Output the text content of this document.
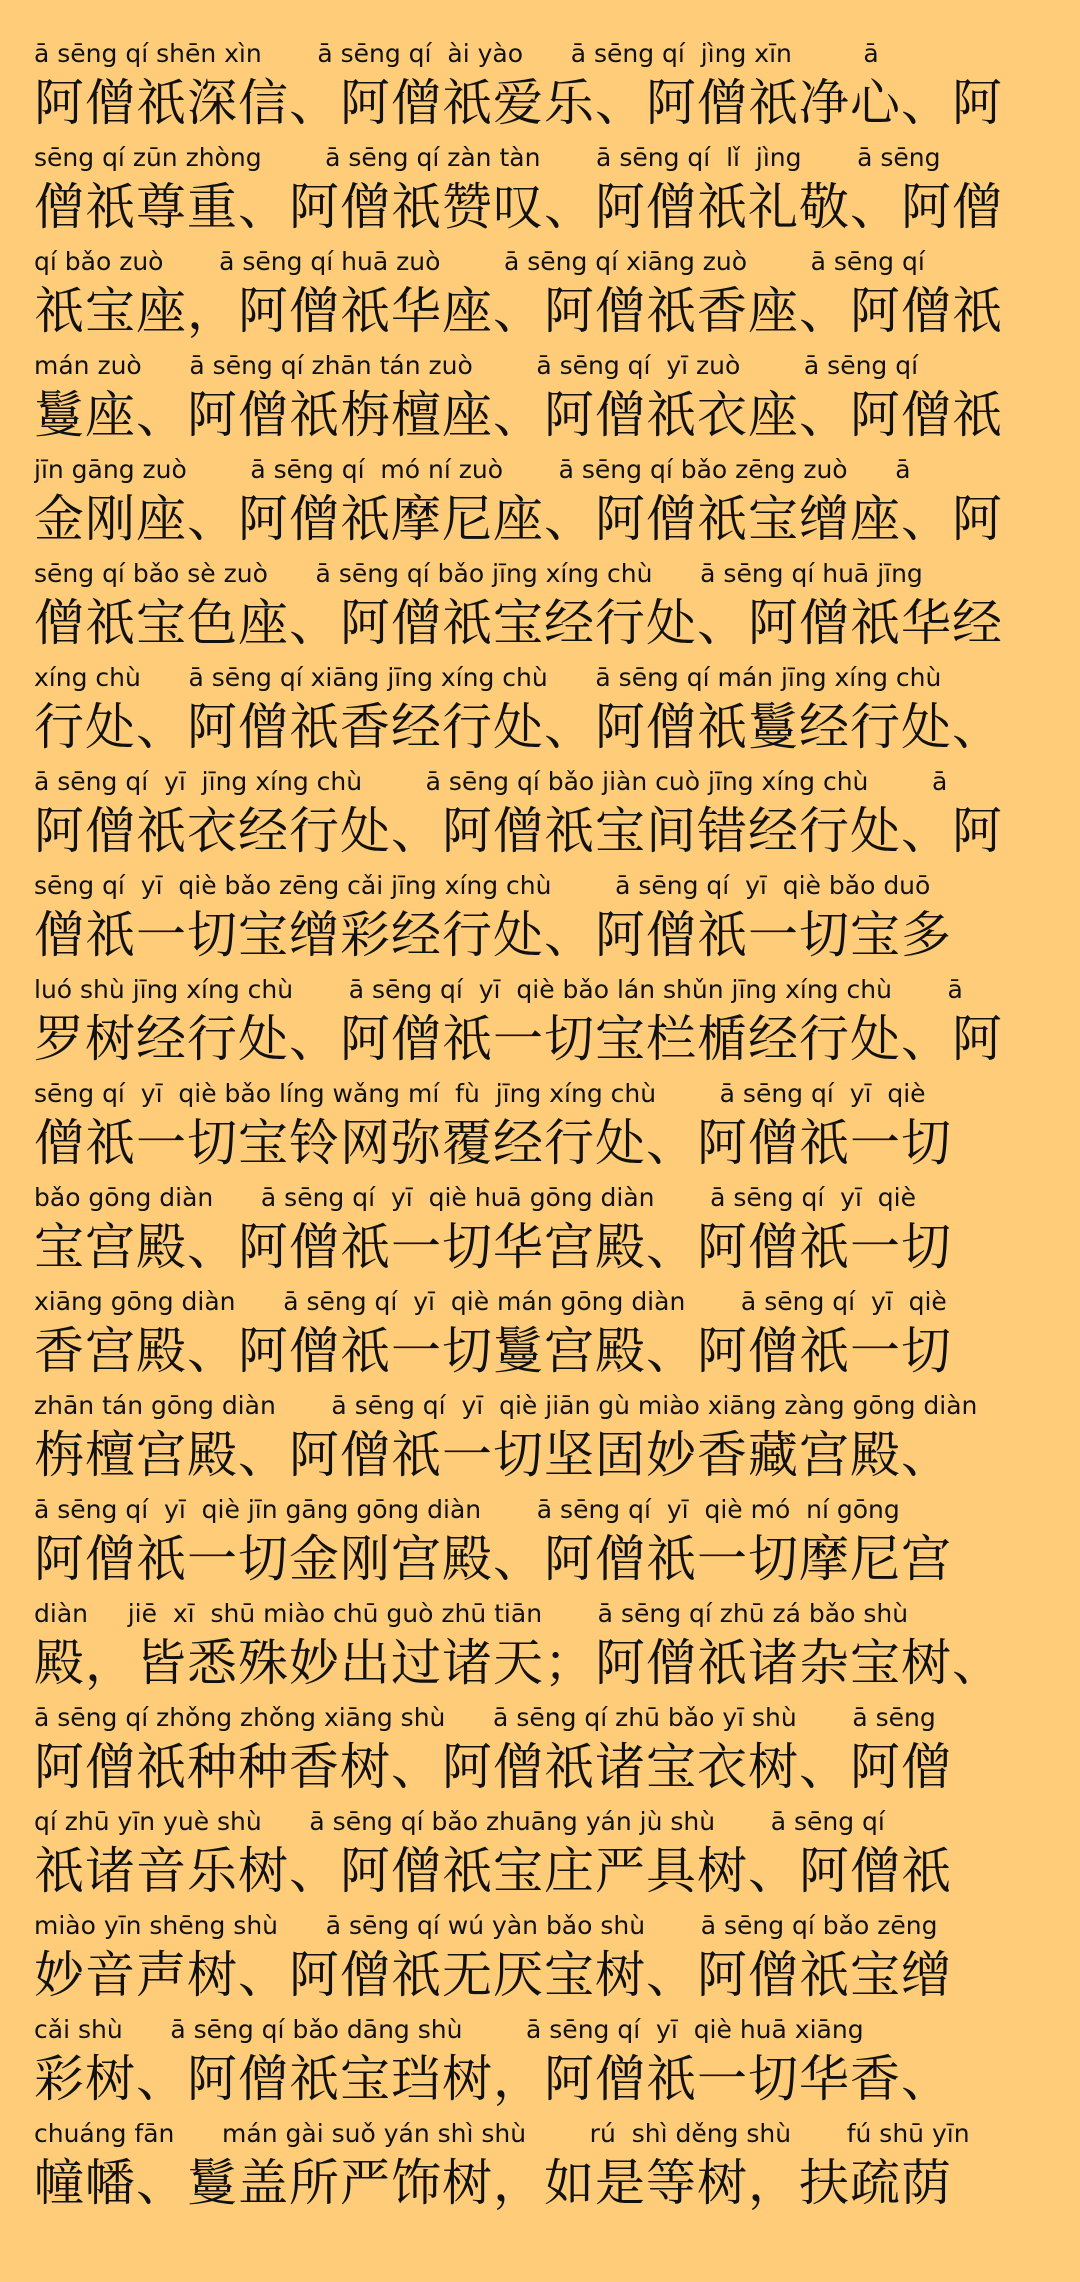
ā sēng qí shēn xìn       ā sēng qí  ài yào      ā sēng qí  jìng xīn         ā
阿僧祇深信、阿僧祇爱乐、阿僧祇净心、阿
sēng qí zūn zhòng        ā sēng qí zàn tàn       ā sēng qí  lǐ  jìng       ā sēng
僧祇尊重、阿僧祇赞叹、阿僧祇礼敬、阿僧
qí bǎo zuò       ā sēng qí huā zuò        ā sēng qí xiāng zuò        ā sēng qí
祇宝座，阿僧祇华座、阿僧祇香座、阿僧祇
mán zuò      ā sēng qí zhān tán zuò        ā sēng qí  yī zuò        ā sēng qí
鬘座、阿僧祇栴檀座、阿僧祇衣座、阿僧祇
jīn gāng zuò        ā sēng qí  mó ní zuò       ā sēng qí bǎo zēng zuò      ā
金刚座、阿僧祇摩尼座、阿僧祇宝缯座、阿
sēng qí bǎo sè zuò      ā sēng qí bǎo jīng xíng chù      ā sēng qí huā jīng
僧祇宝色座、阿僧祇宝经行处、阿僧祇华经
xíng chù      ā sēng qí xiāng jīng xíng chù      ā sēng qí mán jīng xíng chù
行处、阿僧祇香经行处、阿僧祇鬘经行处、
ā sēng qí  yī  jīng xíng chù        ā sēng qí bǎo jiàn cuò jīng xíng chù        ā
阿僧祇衣经行处、阿僧祇宝间错经行处、阿
sēng qí  yī  qiè bǎo zēng cǎi jīng xíng chù        ā sēng qí  yī  qiè bǎo duō
僧祇一切宝缯彩经行处、阿僧祇一切宝多
luó shù jīng xíng chù       ā sēng qí  yī  qiè bǎo lán shǔn jīng xíng chù       ā
罗树经行处、阿僧祇一切宝栏楯经行处、阿
sēng qí  yī  qiè bǎo líng wǎng mí  fù  jīng xíng chù        ā sēng qí  yī  qiè
僧祇一切宝铃网弥覆经行处、阿僧祇一切
bǎo gōng diàn      ā sēng qí  yī  qiè huā gōng diàn       ā sēng qí  yī  qiè
宝宫殿、阿僧祇一切华宫殿、阿僧祇一切
xiāng gōng diàn      ā sēng qí  yī  qiè mán gōng diàn       ā sēng qí  yī  qiè
香宫殿、阿僧祇一切鬘宫殿、阿僧祇一切
zhān tán gōng diàn       ā sēng qí  yī  qiè jiān gù miào xiāng zàng gōng diàn
栴檀宫殿、阿僧祇一切坚固妙香藏宫殿、
ā sēng qí  yī  qiè jīn gāng gōng diàn       ā sēng qí  yī  qiè mó  ní gōng
阿僧祇一切金刚宫殿、阿僧祇一切摩尼宫
diàn     jiē  xī  shū miào chū guò zhū tiān       ā sēng qí zhū zá bǎo shù
殿，皆悉殊妙出过诸天；阿僧祇诸杂宝树、
ā sēng qí zhǒng zhǒng xiāng shù      ā sēng qí zhū bǎo yī shù       ā sēng
阿僧祇种种香树、阿僧祇诸宝衣树、阿僧
qí zhū yīn yuè shù      ā sēng qí bǎo zhuāng yán jù shù       ā sēng qí
祇诸音乐树、阿僧祇宝庄严具树、阿僧祇
miào yīn shēng shù      ā sēng qí wú yàn bǎo shù       ā sēng qí bǎo zēng
妙音声树、阿僧祇无厌宝树、阿僧祇宝缯
cǎi shù      ā sēng qí bǎo dāng shù        ā sēng qí  yī  qiè huā xiāng
彩树、阿僧祇宝珰树，阿僧祇一切华香、
chuáng fān      mán gài suǒ yán shì shù        rú  shì děng shù       fú shū yīn
幢幡、鬘盖所严饰树，如是等树，扶疏荫
